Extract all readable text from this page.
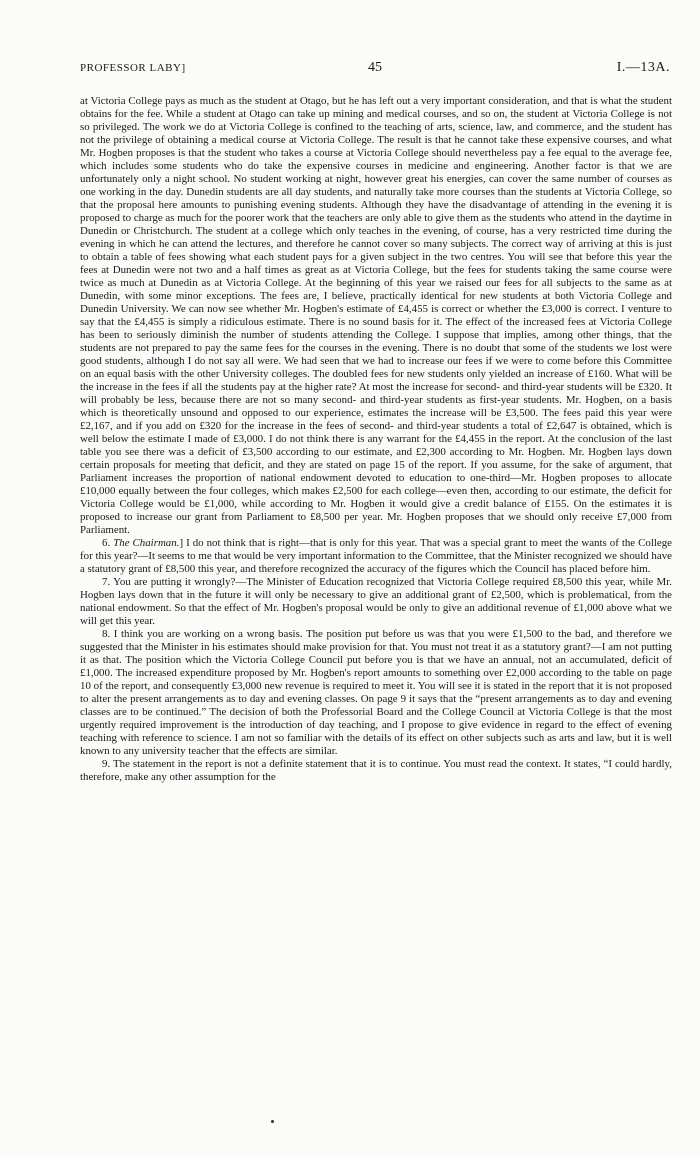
PROFESSOR LABY]	45	I.—13A.

at Victoria College pays as much as the student at Otago, but he has left out a very important consideration, and that is what the student obtains for the fee. While a student at Otago can take up mining and medical courses, and so on, the student at Victoria College is not so privileged. The work we do at Victoria College is confined to the teaching of arts, science, law, and commerce, and the student has not the privilege of obtaining a medical course at Victoria College. The result is that he cannot take these expensive courses, and what Mr. Hogben proposes is that the student who takes a course at Victoria College should nevertheless pay a fee equal to the average fee, which includes some students who do take the expensive courses in medicine and engineering. Another factor is that we are unfortunately only a night school. No student working at night, however great his energies, can cover the same number of courses as one working in the day. Dunedin students are all day students, and naturally take more courses than the students at Victoria College, so that the proposal here amounts to punishing evening students. Although they have the disadvantage of attending in the evening it is proposed to charge as much for the poorer work that the teachers are only able to give them as the students who attend in the daytime in Dunedin or Christchurch. The student at a college which only teaches in the evening, of course, has a very restricted time during the evening in which he can attend the lectures, and therefore he cannot cover so many subjects. The correct way of arriving at this is just to obtain a table of fees showing what each student pays for a given subject in the two centres. You will see that before this year the fees at Dunedin were not two and a half times as great as at Victoria College, but the fees for students taking the same course were twice as much at Dunedin as at Victoria College. At the beginning of this year we raised our fees for all subjects to the same as at Dunedin, with some minor exceptions. The fees are, I believe, practically identical for new students at both Victoria College and Dunedin University. We can now see whether Mr. Hogben's estimate of £4,455 is correct or whether the £3,000 is correct. I venture to say that the £4,455 is simply a ridiculous estimate. There is no sound basis for it. The effect of the increased fees at Victoria College has been to seriously diminish the number of students attending the College. I suppose that implies, among other things, that the students are not prepared to pay the same fees for the courses in the evening. There is no doubt that some of the students we lost were good students, although I do not say all were. We had seen that we had to increase our fees if we were to come before this Committee on an equal basis with the other University colleges. The doubled fees for new students only yielded an increase of £160. What will be the increase in the fees if all the students pay at the higher rate? At most the increase for second- and third-year students will be £320. It will probably be less, because there are not so many second- and third-year students as first-year students. Mr. Hogben, on a basis which is theoretically unsound and opposed to our experience, estimates the increase will be £3,500. The fees paid this year were £2,167, and if you add on £320 for the increase in the fees of second- and third-year students a total of £2,647 is obtained, which is well below the estimate I made of £3,000. I do not think there is any warrant for the £4,455 in the report. At the conclusion of the last table you see there was a deficit of £3,500 according to our estimate, and £2,300 according to Mr. Hogben. Mr. Hogben lays down certain proposals for meeting that deficit, and they are stated on page 15 of the report. If you assume, for the sake of argument, that Parliament increases the proportion of national endowment devoted to education to one-third—Mr. Hogben proposes to allocate £10,000 equally between the four colleges, which makes £2,500 for each college—even then, according to our estimate, the deficit for Victoria College would be £1,000, while according to Mr. Hogben it would give a credit balance of £155. On the estimates it is proposed to increase our grant from Parliament to £8,500 per year. Mr. Hogben proposes that we should only receive £7,000 from Parliament.

6. The Chairman.] I do not think that is right—that is only for this year. That was a special grant to meet the wants of the College for this year?—It seems to me that would be very important information to the Committee, that the Minister recognized we should have a statutory grant of £8,500 this year, and therefore recognized the accuracy of the figures which the Council has placed before him.

7. You are putting it wrongly?—The Minister of Education recognized that Victoria College required £8,500 this year, while Mr. Hogben lays down that in the future it will only be necessary to give an additional grant of £2,500, which is problematical, from the national endowment. So that the effect of Mr. Hogben's proposal would be only to give an additional revenue of £1,000 above what we will get this year.

8. I think you are working on a wrong basis. The position put before us was that you were £1,500 to the bad, and therefore we suggested that the Minister in his estimates should make provision for that. You must not treat it as a statutory grant?—I am not putting it as that. The position which the Victoria College Council put before you is that we have an annual, not an accumulated, deficit of £1,000. The increased expenditure proposed by Mr. Hogben's report amounts to something over £2,000 according to the table on page 10 of the report, and consequently £3,000 new revenue is required to meet it. You will see it is stated in the report that it is not proposed to alter the present arrangements as to day and evening classes. On page 9 it says that the “present arrangements as to day and evening classes are to be continued.” The decision of both the Professorial Board and the College Council at Victoria College is that the most urgently required improvement is the introduction of day teaching, and I propose to give evidence in regard to the effect of evening teaching with reference to science. I am not so familiar with the details of its effect on other subjects such as arts and law, but it is well known to any university teacher that the effects are similar.

9. The statement in the report is not a definite statement that it is to continue. You must read the context. It states, “I could hardly, therefore, make any other assumption for the
